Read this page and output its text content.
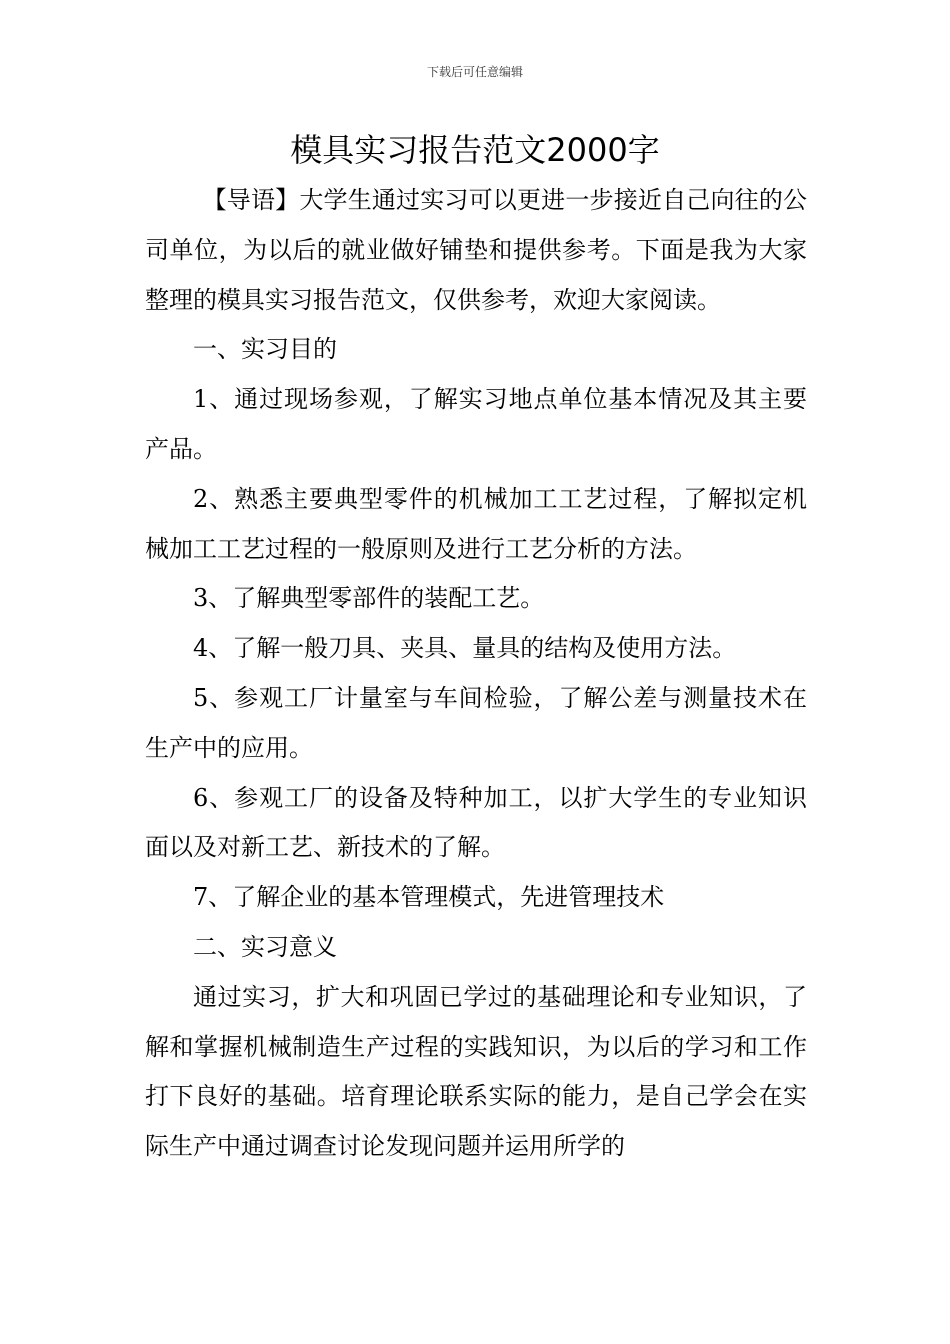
下载后可任意编辑
模具实习报告范文2000字

【导语】大学生通过实习可以更进一步接近自己向往的公司单位，为以后的就业做好铺垫和提供参考。下面是我为大家整理的模具实习报告范文，仅供参考，欢迎大家阅读。

一、实习目的

1、通过现场参观，了解实习地点单位基本情况及其主要产品。

2、熟悉主要典型零件的机械加工工艺过程，了解拟定机械加工工艺过程的一般原则及进行工艺分析的方法。

3、了解典型零部件的装配工艺。

4、了解一般刀具、夹具、量具的结构及使用方法。

5、参观工厂计量室与车间检验，了解公差与测量技术在生产中的应用。

6、参观工厂的设备及特种加工，以扩大学生的专业知识面以及对新工艺、新技术的了解。

7、了解企业的基本管理模式，先进管理技术

二、实习意义

通过实习，扩大和巩固已学过的基础理论和专业知识，了解和掌握机械制造生产过程的实践知识，为以后的学习和工作打下良好的基础。培育理论联系实际的能力，是自己学会在实际生产中通过调查讨论发现问题并运用所学的
